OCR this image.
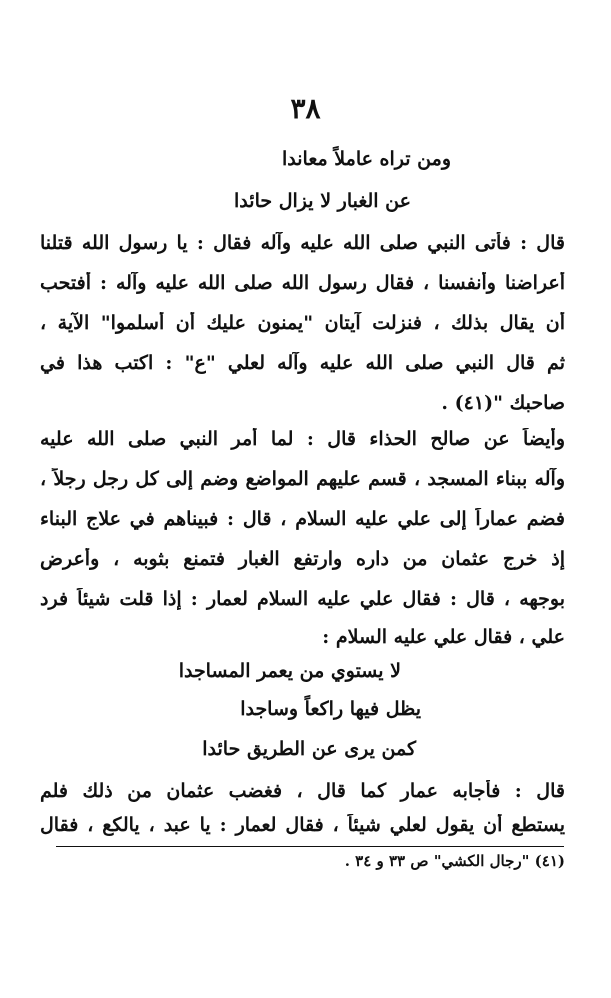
٣٨
ومن تراه عاملاً معاندا
عن الغبار لا يزال حائدا
قال : فأتى النبي صلى الله عليه وآله فقال : يا رسول الله قتلنا
أعراضنا وأنفسنا ، فقال رسول الله صلى الله عليه وآله : أفتحب
أن يقال بذلك ، فنزلت آيتان "يمنون عليك أن أسلموا" الآية ،
ثم قال النبي صلى الله عليه وآله لعلي "ع" : اكتب هذا في
صاحبك "(٤١) .
وأيضاً عن صالح الحذاء قال : لما أمر النبي صلى الله عليه
وآله ببناء المسجد ، قسم عليهم المواضع وضم إلى كل رجل رجلاً ،
فضم عماراً إلى علي عليه السلام ، قال : فبيناهم في علاج البناء
إذ خرج عثمان من داره وارتفع الغبار فتمنع بثوبه ، وأعرض
بوجهه ، قال : فقال علي عليه السلام لعمار : إذا قلت شيئاً فرد
علي ، فقال علي عليه السلام :
لا يستوي من يعمر المساجدا
يظل فيها راكعاً وساجدا
كمن يرى عن الطريق حائدا
قال : فأجابه عمار كما قال ، فغضب عثمان من ذلك فلم
يستطع أن يقول لعلي شيئاً ، فقال لعمار : يا عبد ، يالكع ، فقال
(٤١) "رجال الكشي" ص ٣٣ و ٣٤ .
